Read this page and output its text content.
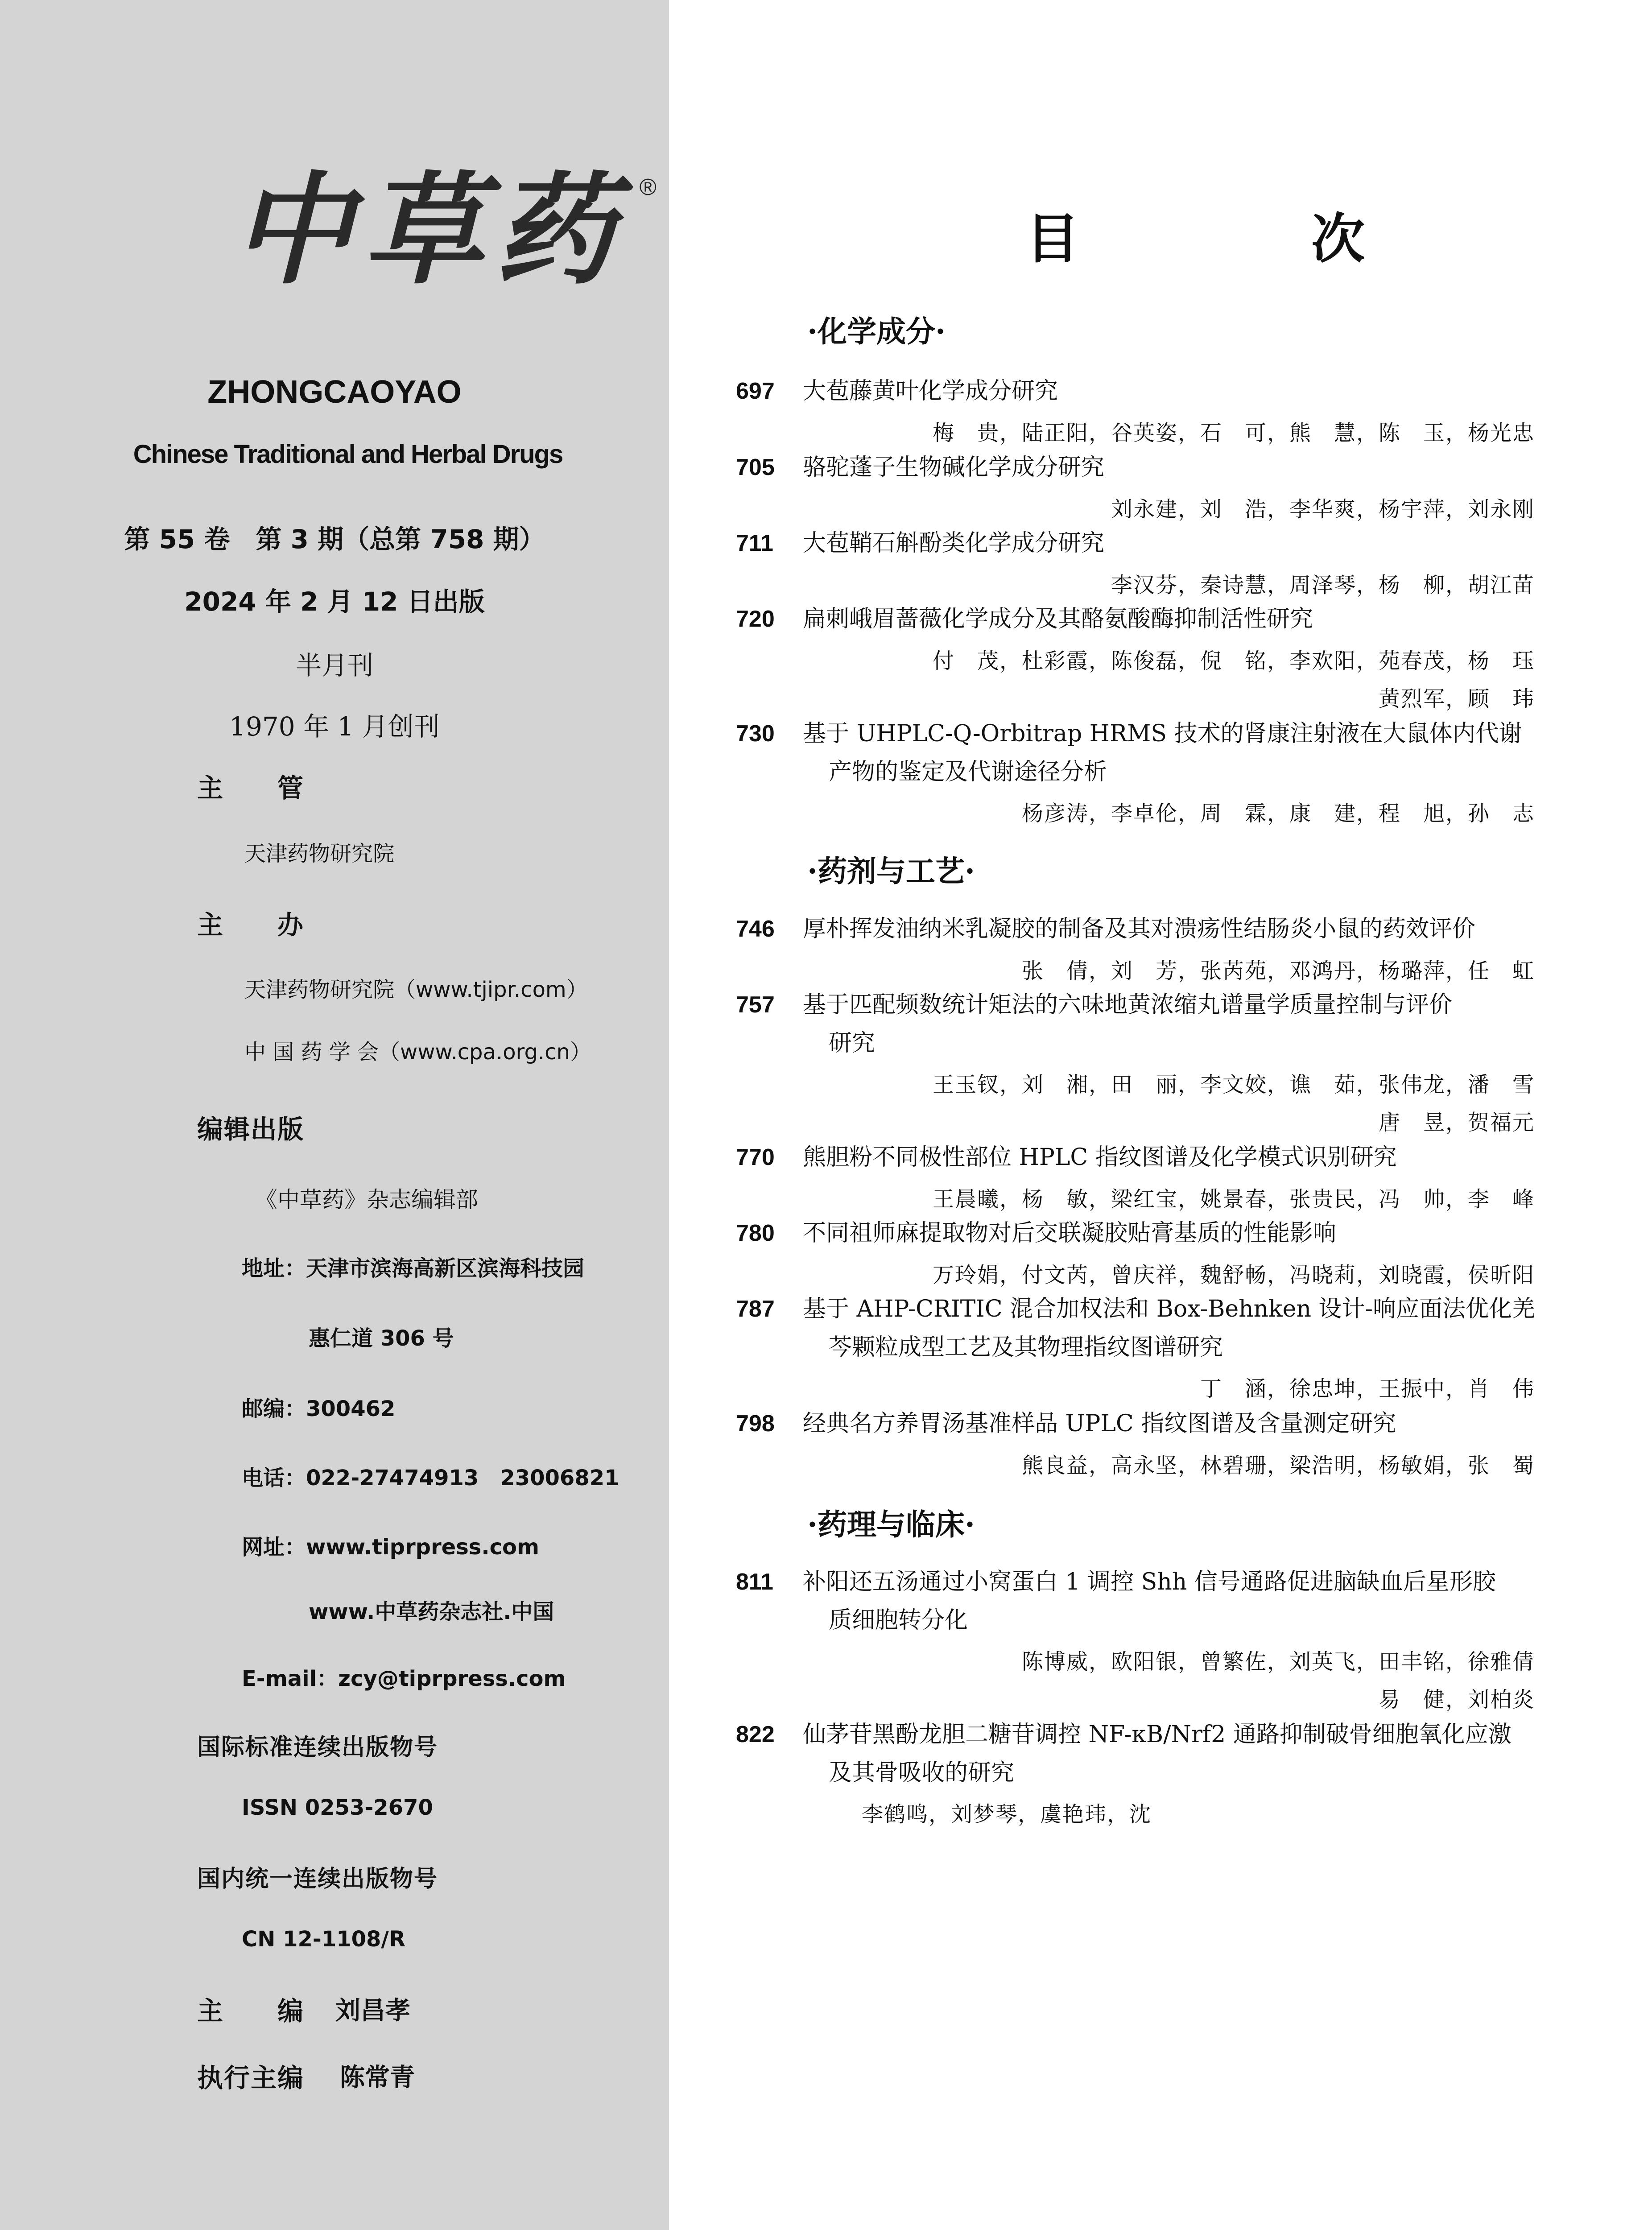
中草药 ®
ZHONGCAOYAO
Chinese Traditional and Herbal Drugs
第 55 卷　第 3 期（总第 758 期）
2024 年 2 月 12 日出版
半月刊
1970 年 1 月创刊
主　　管
天津药物研究院
主　　办
天津药物研究院（www.tjipr.com）
中 国 药 学 会（www.cpa.org.cn）
编辑出版
《中草药》杂志编辑部
地址：天津市滨海高新区滨海科技园
惠仁道 306 号
邮编：300462
电话：022-27474913　23006821
网址：www.tiprpress.com
www.中草药杂志社.中国
E-mail：zcy@tiprpress.com
国际标准连续出版物号
ISSN 0253-2670
国内统一连续出版物号
CN 12-1108/R
主　　编 刘昌孝
执行主编 陈常青
目　次
·化学成分·
697 大苞藤黄叶化学成分研究
梅　贵，陆正阳，谷英姿，石　可，熊　慧，陈　玉，杨光忠
705 骆驼蓬子生物碱化学成分研究
刘永建，刘　浩，李华爽，杨宇萍，刘永刚
711 大苞鞘石斛酚类化学成分研究
李汉芬，秦诗慧，周泽琴，杨　柳，胡江苗
720 扁刺峨眉蔷薇化学成分及其酪氨酸酶抑制活性研究
付　茂，杜彩霞，陈俊磊，倪　铭，李欢阳，苑春茂，杨　珏
黄烈军，顾　玮
730 基于 UHPLC-Q-Orbitrap HRMS 技术的肾康注射液在大鼠体内代谢
产物的鉴定及代谢途径分析
杨彦涛，李卓伦，周　霖，康　建，程　旭，孙　志
·药剂与工艺·
746 厚朴挥发油纳米乳凝胶的制备及其对溃疡性结肠炎小鼠的药效评价
张　倩，刘　芳，张芮苑，邓鸿丹，杨璐萍，任　虹
757 基于匹配频数统计矩法的六味地黄浓缩丸谱量学质量控制与评价
研究
王玉钗，刘　湘，田　丽，李文姣，谯　茹，张伟龙，潘　雪
唐　昱，贺福元
770 熊胆粉不同极性部位 HPLC 指纹图谱及化学模式识别研究
王晨曦，杨　敏，梁红宝，姚景春，张贵民，冯　帅，李　峰
780 不同祖师麻提取物对后交联凝胶贴膏基质的性能影响
万玲娟，付文芮，曾庆祥，魏舒畅，冯晓莉，刘晓霞，侯昕阳
787 基于 AHP-CRITIC 混合加权法和 Box-Behnken 设计-响应面法优化羌
芩颗粒成型工艺及其物理指纹图谱研究
丁　涵，徐忠坤，王振中，肖　伟
798 经典名方养胃汤基准样品 UPLC 指纹图谱及含量测定研究
熊良益，高永坚，林碧珊，梁浩明，杨敏娟，张　蜀
·药理与临床·
811 补阳还五汤通过小窝蛋白 1 调控 Shh 信号通路促进脑缺血后星形胶
质细胞转分化
陈博威，欧阳银，曾繁佐，刘英飞，田丰铭，徐雅倩
易　健，刘柏炎
822 仙茅苷黑酚龙胆二糖苷调控 NF-κB/Nrf2 通路抑制破骨细胞氧化应激
及其骨吸收的研究
李鹤鸣，刘梦琴，虞艳玮，沈
